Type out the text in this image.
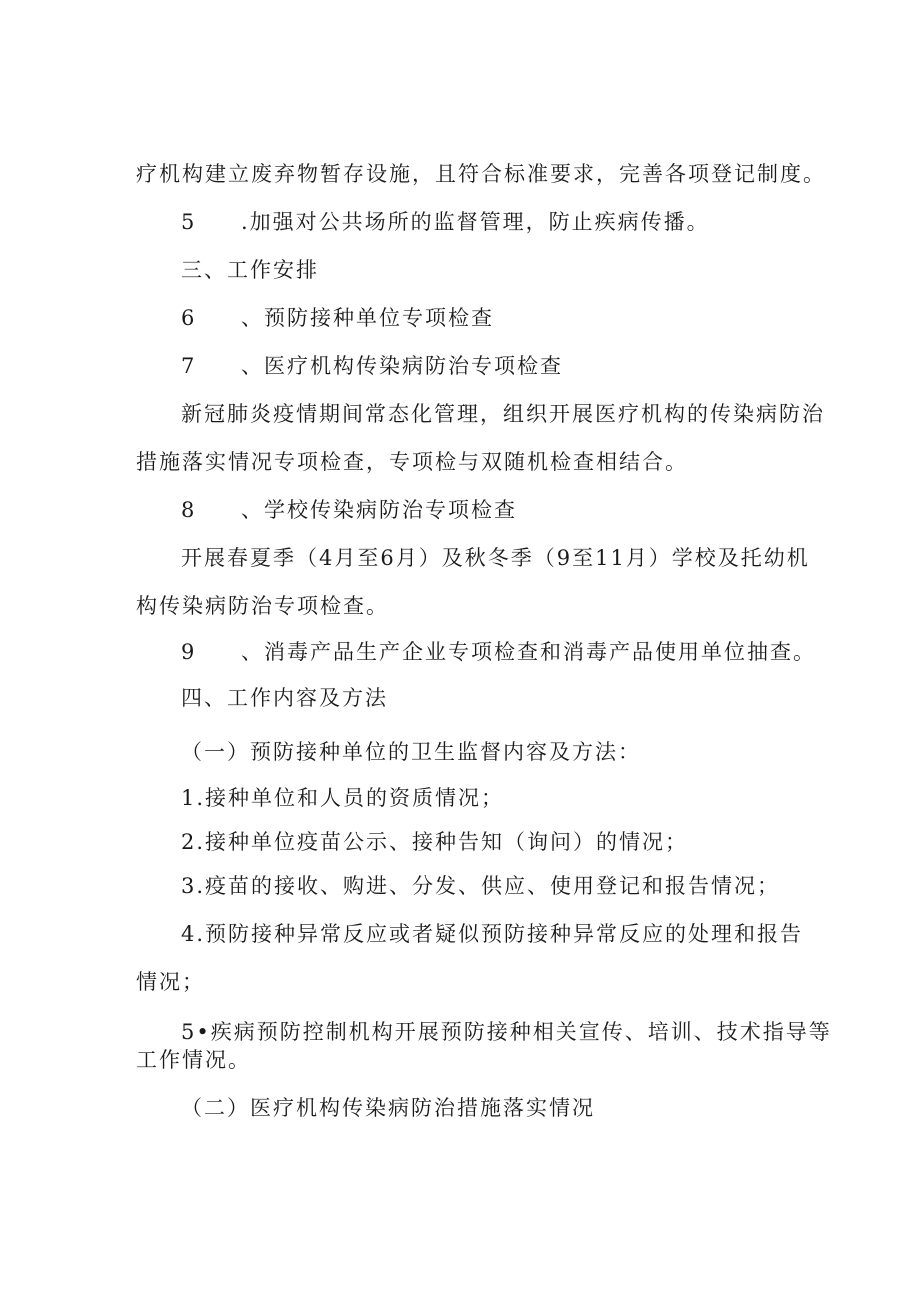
疗机构建立废弃物暂存设施，且符合标准要求，完善各项登记制度。
5 .加强对公共场所的监督管理，防止疾病传播。
三、工作安排
6 、预防接种单位专项检查
7 、医疗机构传染病防治专项检查
新冠肺炎疫情期间常态化管理，组织开展医疗机构的传染病防治
措施落实情况专项检查，专项检与双随机检查相结合。
8 、学校传染病防治专项检查
开展春夏季（4月至6月）及秋冬季（9至11月）学校及托幼机
构传染病防治专项检查。
9 、消毒产品生产企业专项检查和消毒产品使用单位抽查。
四、工作内容及方法
（一）预防接种单位的卫生监督内容及方法：
1.接种单位和人员的资质情况；
2.接种单位疫苗公示、接种告知（询问）的情况；
3.疫苗的接收、购进、分发、供应、使用登记和报告情况；
4.预防接种异常反应或者疑似预防接种异常反应的处理和报告
情况；
5•疾病预防控制机构开展预防接种相关宣传、培训、技术指导等
工作情况。
（二）医疗机构传染病防治措施落实情况
